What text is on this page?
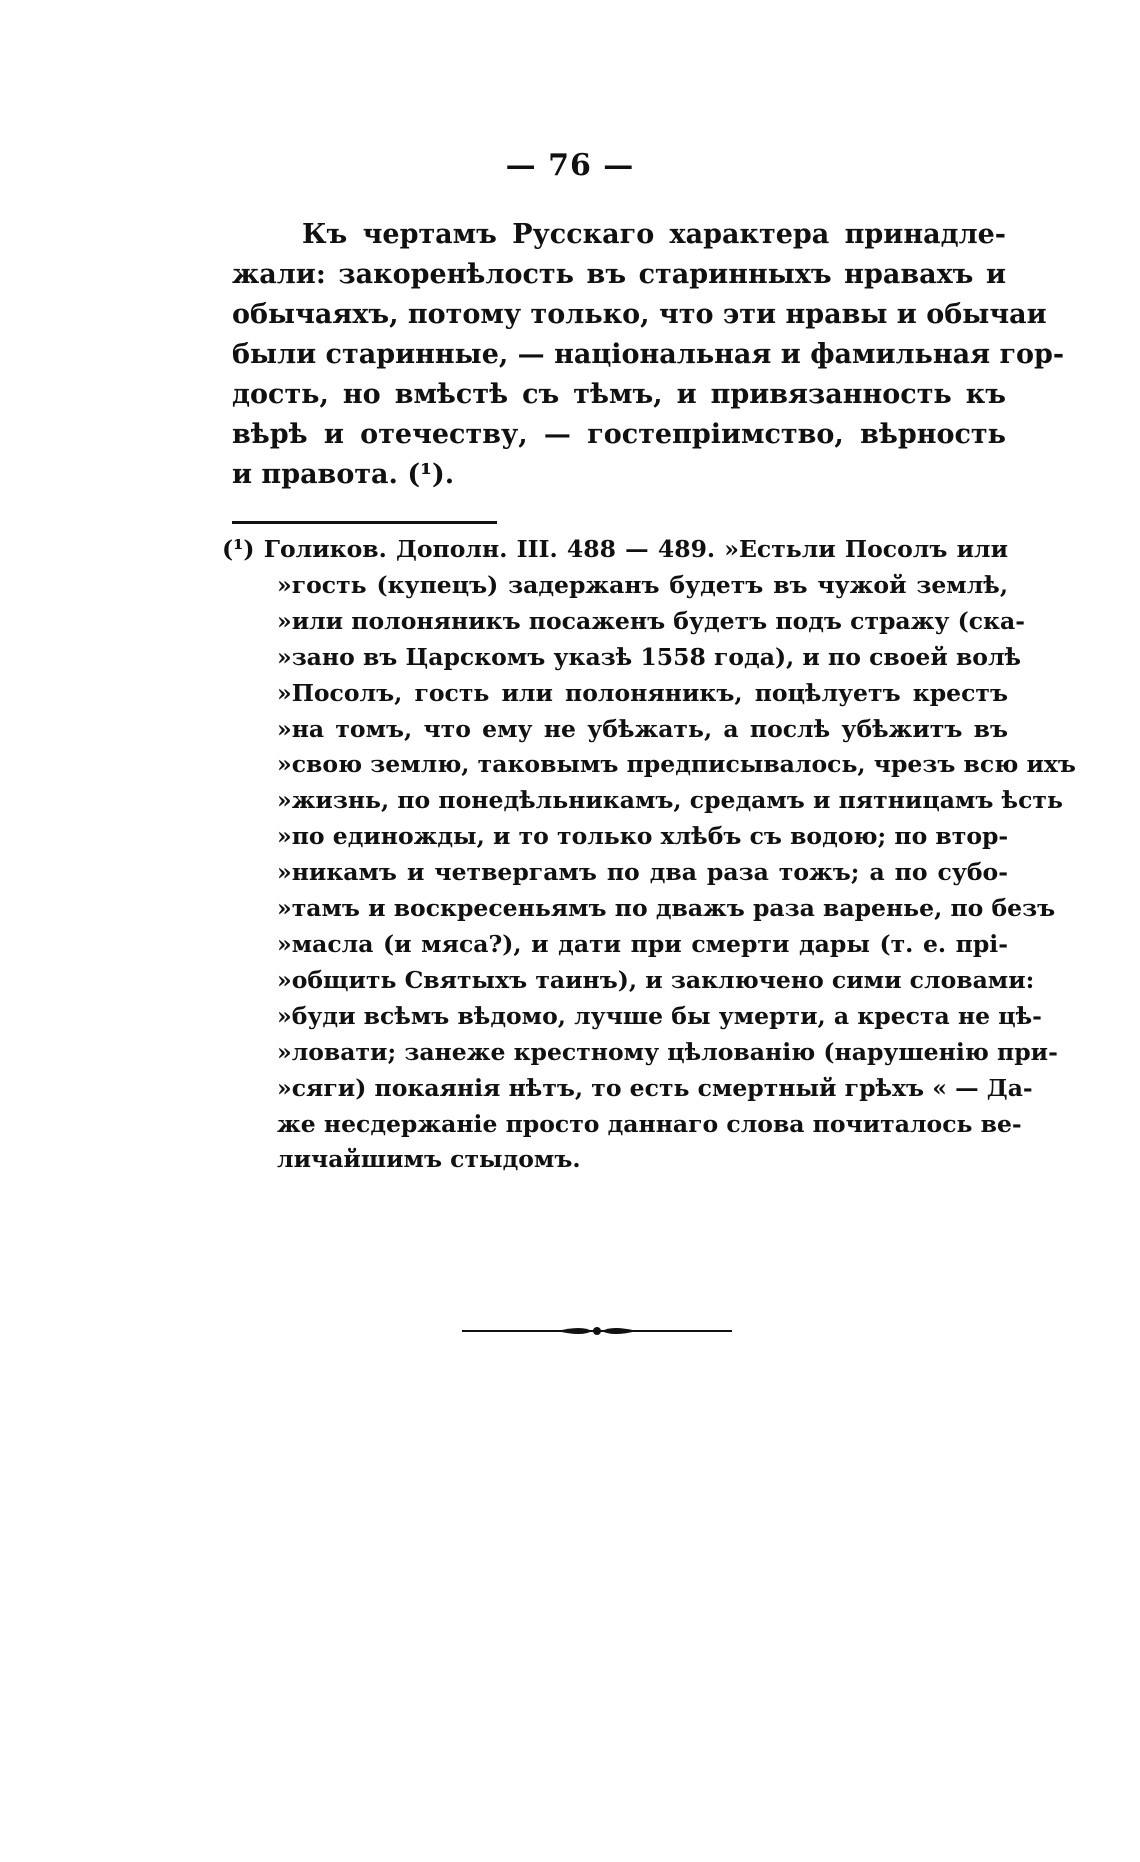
— 76 —
Къ чертамъ Русскаго характера принадле-
жали: закоренѣлость въ старинныхъ нравахъ и
обычаяхъ, потому только, что эти нравы и обычаи
были старинные, — національная и фамильная гор-
дость, но вмѣстѣ съ тѣмъ, и привязанность къ
вѣрѣ и отечеству, — гостепріимство, вѣрность
и правота. (¹).
(¹) Голиков. Дополн. III. 488 — 489. »Естьли Посолъ или
»гость (купецъ) задержанъ будетъ въ чужой землѣ,
»или полоняникъ посаженъ будетъ подъ стражу (ска-
»зано въ Царскомъ указѣ 1558 года), и по своей волѣ
»Посолъ, гость или полоняникъ, поцѣлуетъ крестъ
»на томъ, что ему не убѣжать, а послѣ убѣжитъ въ
»свою землю, таковымъ предписывалось, чрезъ всю ихъ
»жизнь, по понедѣльникамъ, средамъ и пятницамъ ѣсть
»по единожды, и то только хлѣбъ съ водою; по втор-
»никамъ и четвергамъ по два раза тожъ; а по субо-
»тамъ и воскресеньямъ по дважъ раза варенье, по безъ
»масла (и мяса?), и дати при смерти дары (т. е. прі-
»общить Святыхъ таинъ), и заключено сими словами:
»буди всѣмъ вѣдомо, лучше бы умерти, а креста не цѣ-
»ловати; занеже крестному цѣлованію (нарушенію при-
»сяги) покаянія нѣтъ, то есть смертный грѣхъ « — Да-
же несдержаніе просто даннаго слова почиталось ве-
личайшимъ стыдомъ.
